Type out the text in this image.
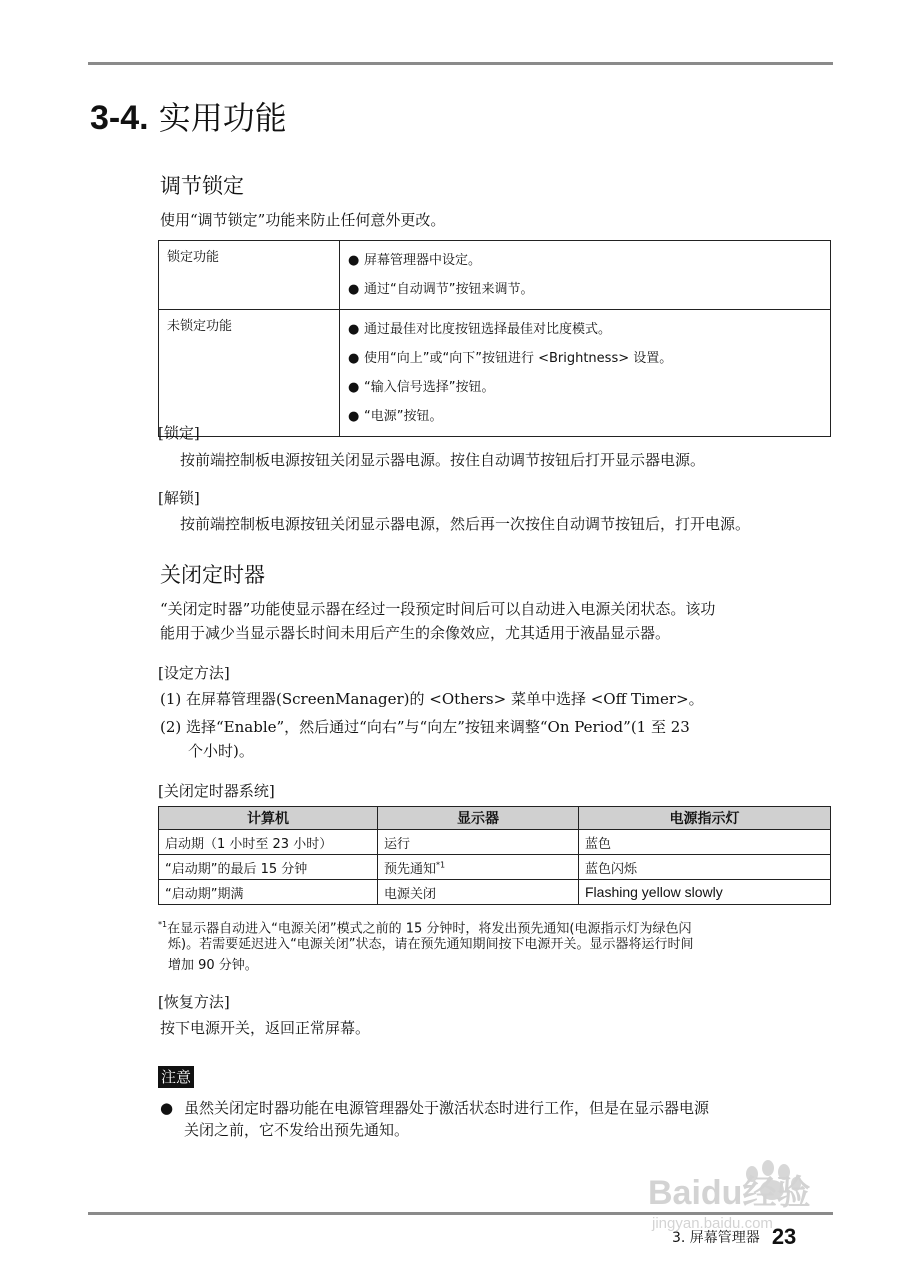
3-4. 实用功能
调节锁定
使用“调节锁定”功能来防止任何意外更改。
锁定功能	● 屏幕管理器中设定。
● 通过“自动调节”按钮来调节。

未锁定功能	● 通过最佳对比度按钮选择最佳对比度模式。
● 使用“向上”或“向下”按钮进行 <Brightness> 设置。
● “输入信号选择”按钮。
● “电源”按钮。
[锁定]
按前端控制板电源按钮关闭显示器电源。按住自动调节按钮后打开显示器电源。
[解锁]
按前端控制板电源按钮关闭显示器电源，然后再一次按住自动调节按钮后，打开电源。
关闭定时器
“关闭定时器”功能使显示器在经过一段预定时间后可以自动进入电源关闭状态。该功
能用于减少当显示器长时间未用后产生的余像效应，尤其适用于液晶显示器。
[设定方法]
(1) 在屏幕管理器(ScreenManager)的 <Others> 菜单中选择 <Off Timer>。
(2) 选择“Enable”，然后通过“向右”与“向左”按钮来调整“On Period”(1 至 23
个小时)。
[关闭定时器系统]
计算机	显示器	电源指示灯
启动期（1 小时至 23 小时）	运行	蓝色
“启动期”的最后 15 分钟	预先通知$^{*1}$	蓝色闪烁
“启动期”期满	电源关闭	Flashing yellow slowly
$^{*1}$在显示器自动进入“电源关闭”模式之前的 15 分钟时，将发出预先通知(电源指示灯为绿色闪
烁)。若需要延迟进入“电源关闭”状态，请在预先通知期间按下电源开关。显示器将运行时间
增加 90 分钟。
[恢复方法]
按下电源开关，返回正常屏幕。
注意
● 虽然关闭定时器功能在电源管理器处于激活状态时进行工作，但是在显示器电源
关闭之前，它不发给出预先通知。
Baidu经验
jingyan.baidu.com
3. 屏幕管理器 23
